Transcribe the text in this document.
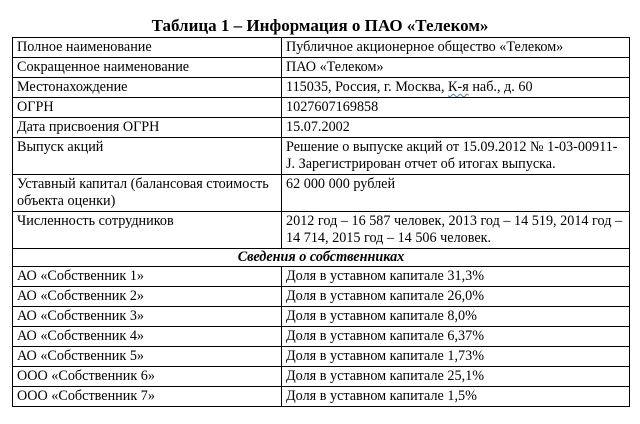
Таблица 1 – Информация о ПАО «Телеком»
Полное наименование	Публичное акционерное общество «Телеком»
Сокращенное наименование	ПАО «Телеком»
Местонахождение	115035, Россия, г. Москва, К-я наб., д. 60
ОГРН	1027607169858
Дата присвоения ОГРН	15.07.2002
Выпуск акций	Решение о выпуске акций от 15.09.2012 № 1-03-00911-J. Зарегистрирован отчет об итогах выпуска.
Уставный капитал (балансовая стоимость объекта оценки)	62 000 000 рублей
Численность сотрудников	2012 год – 16 587 человек, 2013 год – 14 519, 2014 год – 14 714, 2015 год – 14 506 человек.
Сведения о собственниках	
АО «Собственник 1»	Доля в уставном капитале 31,3%
АО «Собственник 2»	Доля в уставном капитале 26,0%
АО «Собственник 3»	Доля в уставном капитале 8,0%
АО «Собственник 4»	Доля в уставном капитале 6,37%
АО «Собственник 5»	Доля в уставном капитале 1,73%
ООО «Собственник 6»	Доля в уставном капитале 25,1%
ООО «Собственник 7»	Доля в уставном капитале 1,5%
